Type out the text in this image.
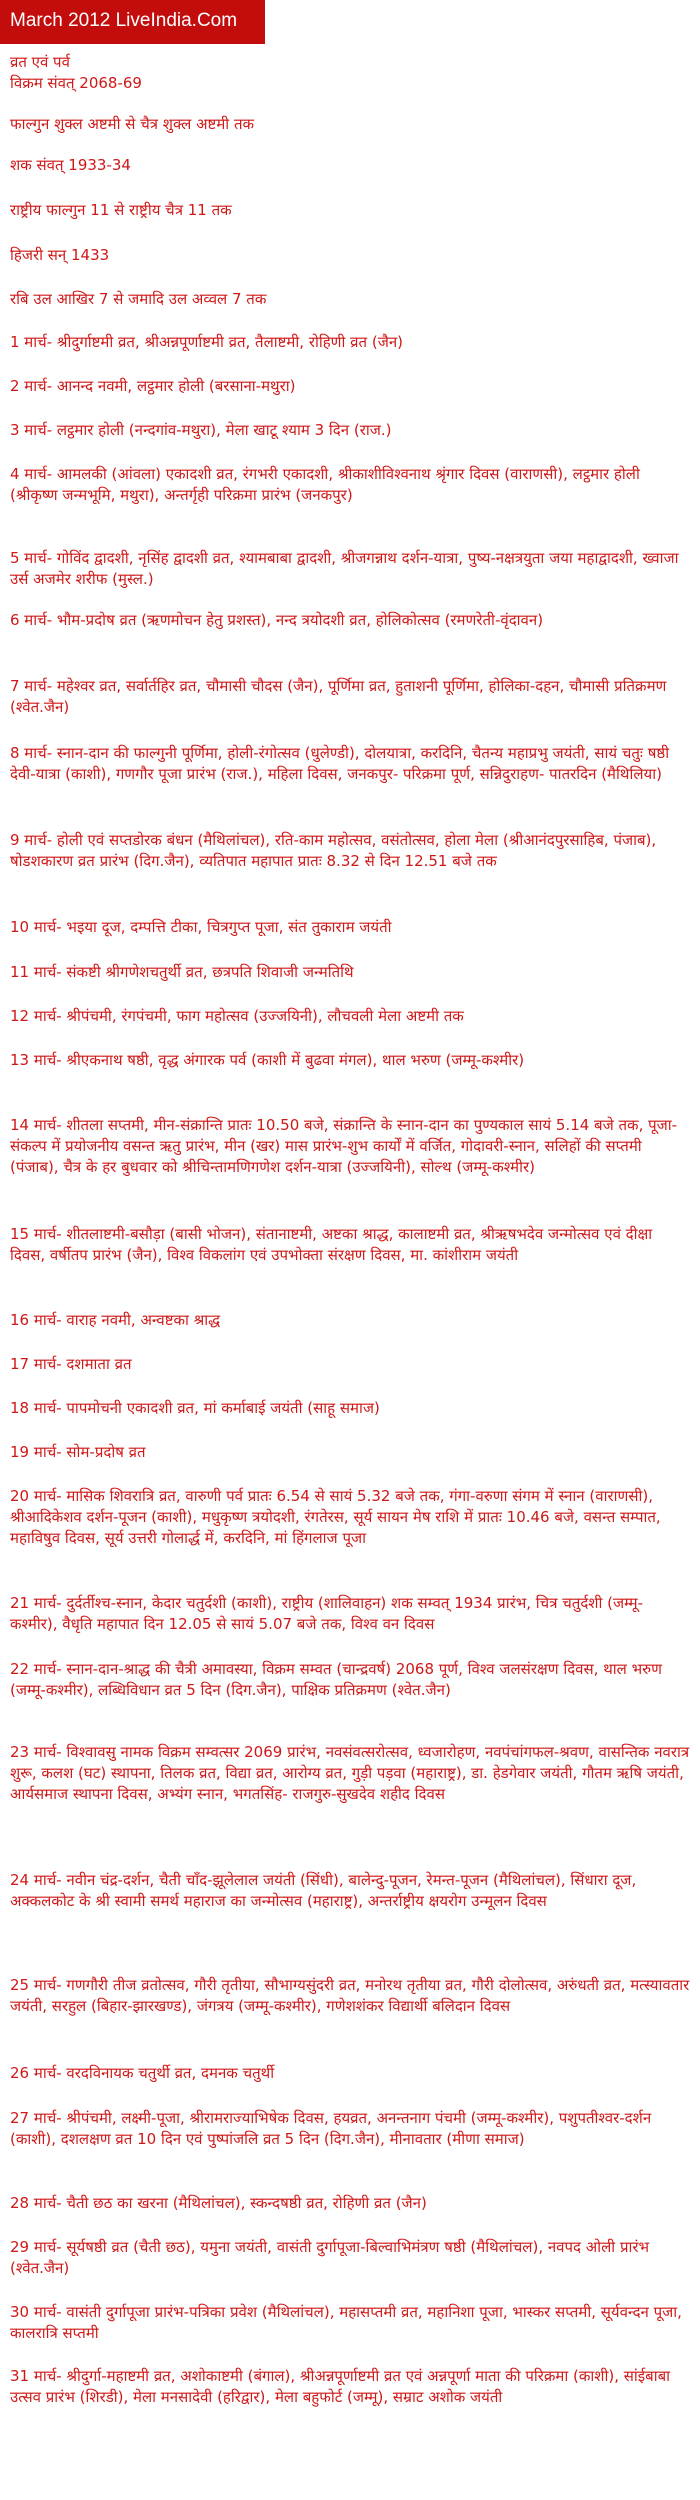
March 2012 LiveIndia.Com
व्रत एवं पर्व
विक्रम संवत् 2068-69
फाल्गुन शुक्ल अष्टमी से चैत्र शुक्ल अष्टमी तक
शक संवत् 1933-34
राष्ट्रीय फाल्गुन 11 से राष्ट्रीय चैत्र 11 तक
हिजरी सन् 1433
रबि उल आखिर 7 से जमादि उल अव्वल 7 तक
1 मार्च- श्रीदुर्गाष्टमी व्रत, श्रीअन्नपूर्णाष्टमी व्रत, तैलाष्टमी, रोहिणी व्रत (जैन)
2 मार्च- आनन्द नवमी, लट्ठमार होली (बरसाना-मथुरा)
3 मार्च- लट्ठमार होली (नन्दगांव-मथुरा), मेला खाटू श्याम 3 दिन (राज.)
4 मार्च- आमलकी (आंवला) एकादशी व्रत, रंगभरी एकादशी, श्रीकाशीविश्वनाथ श्रृंगार दिवस (वाराणसी), लट्ठमार होली (श्रीकृष्ण जन्मभूमि, मथुरा), अन्तर्गृही परिक्रमा प्रारंभ (जनकपुर)
5 मार्च- गोविंद द्वादशी, नृसिंह द्वादशी व्रत, श्यामबाबा द्वादशी, श्रीजगन्नाथ दर्शन-यात्रा, पुष्य-नक्षत्रयुता जया महाद्वादशी, ख्वाजा उर्स अजमेर शरीफ (मुस्ल.)
6 मार्च- भौम-प्रदोष व्रत (ऋणमोचन हेतु प्रशस्त), नन्द त्रयोदशी व्रत, होलिकोत्सव (रमणरेती-वृंदावन)
7 मार्च- महेश्वर व्रत, सर्वार्तहिर व्रत, चौमासी चौदस (जैन), पूर्णिमा व्रत, हुताशनी पूर्णिमा, होलिका-दहन, चौमासी प्रतिक्रमण (श्वेत.जैन)
8 मार्च- स्नान-दान की फाल्गुनी पूर्णिमा, होली-रंगोत्सव (धुलेण्डी), दोलयात्रा, करदिनि, चैतन्य महाप्रभु जयंती, सायं चतुः षष्ठी देवी-यात्रा (काशी), गणगौर पूजा प्रारंभ (राज.), महिला दिवस, जनकपुर- परिक्रमा पूर्ण, सन्निदुराहण- पातरदिन (मैथिलिया)
9 मार्च- होली एवं सप्तडोरक बंधन (मैथिलांचल), रति-काम महोत्सव, वसंतोत्सव, होला मेला (श्रीआनंदपुरसाहिब, पंजाब), षोडशकारण व्रत प्रारंभ (दिग.जैन), व्यतिपात महापात प्रातः 8.32 से दिन 12.51 बजे तक
10 मार्च- भइया दूज, दम्पत्ति टीका, चित्रगुप्त पूजा, संत तुकाराम जयंती
11 मार्च- संकष्टी श्रीगणेशचतुर्थी व्रत, छत्रपति शिवाजी जन्मतिथि
12 मार्च- श्रीपंचमी, रंगपंचमी, फाग महोत्सव (उज्जयिनी), लौचवली मेला अष्टमी तक
13 मार्च- श्रीएकनाथ षष्ठी, वृद्ध अंगारक पर्व (काशी में बुढवा मंगल), थाल भरुण (जम्मू-कश्मीर)
14 मार्च- शीतला सप्तमी, मीन-संक्रान्ति प्रातः 10.50 बजे, संक्रान्ति के स्नान-दान का पुण्यकाल सायं 5.14 बजे तक, पूजा-संकल्प में प्रयोजनीय वसन्त ऋतु प्रारंभ, मीन (खर) मास प्रारंभ-शुभ कार्यों में वर्जित, गोदावरी-स्नान, सलिहों की सप्तमी (पंजाब), चैत्र के हर बुधवार को श्रीचिन्तामणिगणेश दर्शन-यात्रा (उज्जयिनी), सोल्थ (जम्मू-कश्मीर)
15 मार्च- शीतलाष्टमी-बसौड़ा (बासी भोजन), संतानाष्टमी, अष्टका श्राद्ध, कालाष्टमी व्रत, श्रीऋषभदेव जन्मोत्सव एवं दीक्षा दिवस, वर्षीतप प्रारंभ (जैन), विश्व विकलांग एवं उपभोक्ता संरक्षण दिवस, मा. कांशीराम जयंती
16 मार्च- वाराह नवमी, अन्वष्टका श्राद्ध
17 मार्च- दशमाता व्रत
18 मार्च- पापमोचनी एकादशी व्रत, मां कर्माबाई जयंती (साहू समाज)
19 मार्च- सोम-प्रदोष व्रत
20 मार्च- मासिक शिवरात्रि व्रत, वारुणी पर्व प्रातः 6.54 से सायं 5.32 बजे तक, गंगा-वरुणा संगम में स्नान (वाराणसी), श्रीआदिकेशव दर्शन-पूजन (काशी), मधुकृष्ण त्रयोदशी, रंगतेरस, सूर्य सायन मेष राशि में प्रातः 10.46 बजे, वसन्त सम्पात, महाविषुव दिवस, सूर्य उत्तरी गोलार्द्ध में, करदिनि, मां हिंगलाज पूजा
21 मार्च- दुर्दर्तीश्च-स्नान, केदार चतुर्दशी (काशी), राष्ट्रीय (शालिवाहन) शक सम्वत् 1934 प्रारंभ, चित्र चतुर्दशी (जम्मू-कश्मीर), वैधृति महापात दिन 12.05 से सायं 5.07 बजे तक, विश्व वन दिवस
22 मार्च- स्नान-दान-श्राद्ध की चैत्री अमावस्या, विक्रम सम्वत (चान्द्रवर्ष) 2068 पूर्ण, विश्व जलसंरक्षण दिवस, थाल भरुण (जम्मू-कश्मीर), लब्धिविधान व्रत 5 दिन (दिग.जैन), पाक्षिक प्रतिक्रमण (श्वेत.जैन)
23 मार्च- विश्वावसु नामक विक्रम सम्वत्सर 2069 प्रारंभ, नवसंवत्सरोत्सव, ध्वजारोहण, नवपंचांगफल-श्रवण, वासन्तिक नवरात्र शुरू, कलश (घट) स्थापना, तिलक व्रत, विद्या व्रत, आरोग्य व्रत, गुड़ी पड़वा (महाराष्ट्र), डा. हेडगेवार जयंती, गौतम ऋषि जयंती, आर्यसमाज स्थापना दिवस, अभ्यंग स्नान, भगतसिंह- राजगुरु-सुखदेव शहीद दिवस
24 मार्च- नवीन चंद्र-दर्शन, चैती चाँद-झूलेलाल जयंती (सिंधी), बालेन्दु-पूजन, रेमन्त-पूजन (मैथिलांचल), सिंधारा दूज, अक्कलकोट के श्री स्वामी समर्थ महाराज का जन्मोत्सव (महाराष्ट्र), अन्तर्राष्ट्रीय क्षयरोग उन्मूलन दिवस
25 मार्च- गणगौरी तीज व्रतोत्सव, गौरी तृतीया, सौभाग्यसुंदरी व्रत, मनोरथ तृतीया व्रत, गौरी दोलोत्सव, अरुंधती व्रत, मत्स्यावतार जयंती, सरहुल (बिहार-झारखण्ड), जंगत्रय (जम्मू-कश्मीर), गणेशशंकर विद्यार्थी बलिदान दिवस
26 मार्च- वरदविनायक चतुर्थी व्रत, दमनक चतुर्थी
27 मार्च- श्रीपंचमी, लक्ष्मी-पूजा, श्रीरामराज्याभिषेक दिवस, हयव्रत, अनन्तनाग पंचमी (जम्मू-कश्मीर), पशुपतीश्वर-दर्शन (काशी), दशलक्षण व्रत 10 दिन एवं पुष्पांजलि व्रत 5 दिन (दिग.जैन), मीनावतार (मीणा समाज)
28 मार्च- चैती छठ का खरना (मैथिलांचल), स्कन्दषष्ठी व्रत, रोहिणी व्रत (जैन)
29 मार्च- सूर्यषष्ठी व्रत (चैती छठ), यमुना जयंती, वासंती दुर्गापूजा-बिल्वाभिमंत्रण षष्ठी (मैथिलांचल), नवपद ओली प्रारंभ (श्वेत.जैन)
30 मार्च- वासंती दुर्गापूजा प्रारंभ-पत्रिका प्रवेश (मैथिलांचल), महासप्तमी व्रत, महानिशा पूजा, भास्कर सप्तमी, सूर्यवन्दन पूजा, कालरात्रि सप्तमी
31 मार्च- श्रीदुर्गा-महाष्टमी व्रत, अशोकाष्टमी (बंगाल), श्रीअन्नपूर्णाष्टमी व्रत एवं अन्नपूर्णा माता की परिक्रमा (काशी), सांईबाबा उत्सव प्रारंभ (शिरडी), मेला मनसादेवी (हरिद्वार), मेला बहुफोर्ट (जम्मू), सम्राट अशोक जयंती
